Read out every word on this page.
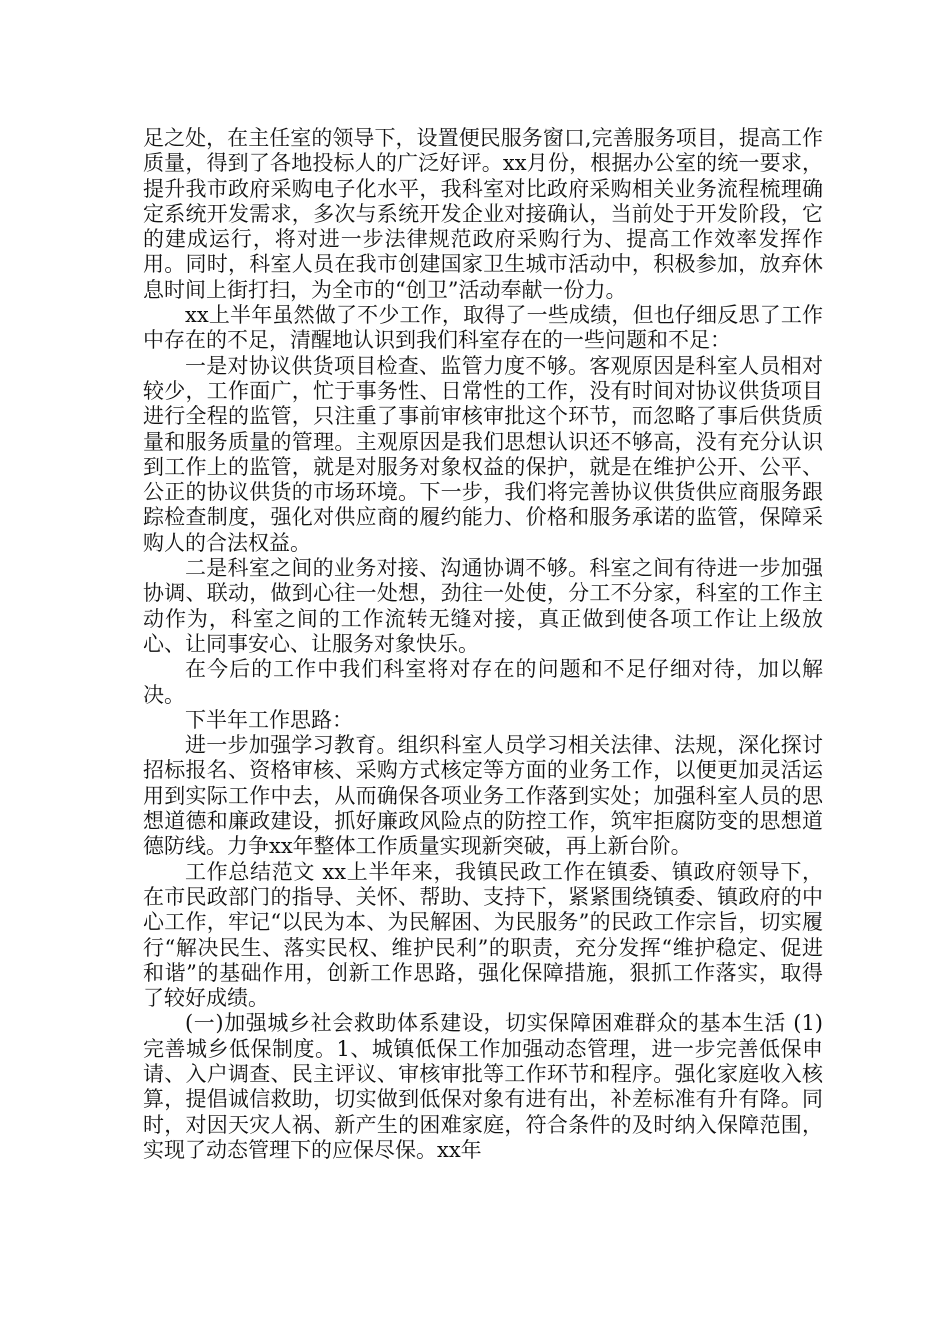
足之处，在主任室的领导下，设置便民服务窗口,完善服务项目，提高工作质量，得到了各地投标人的广泛好评。xx月份，根据办公室的统一要求，提升我市政府采购电子化水平，我科室对比政府采购相关业务流程梳理确定系统开发需求，多次与系统开发企业对接确认，当前处于开发阶段，它的建成运行，将对进一步法律规范政府采购行为、提高工作效率发挥作用。同时，科室人员在我市创建国家卫生城市活动中，积极参加，放弃休息时间上街打扫，为全市的“创卫”活动奉献一份力。

xx上半年虽然做了不少工作，取得了一些成绩，但也仔细反思了工作中存在的不足，清醒地认识到我们科室存在的一些问题和不足：

一是对协议供货项目检查、监管力度不够。客观原因是科室人员相对较少，工作面广，忙于事务性、日常性的工作，没有时间对协议供货项目进行全程的监管，只注重了事前审核审批这个环节，而忽略了事后供货质量和服务质量的管理。主观原因是我们思想认识还不够高，没有充分认识到工作上的监管，就是对服务对象权益的保护，就是在维护公开、公平、公正的协议供货的市场环境。下一步，我们将完善协议供货供应商服务跟踪检查制度，强化对供应商的履约能力、价格和服务承诺的监管，保障采购人的合法权益。

二是科室之间的业务对接、沟通协调不够。科室之间有待进一步加强协调、联动，做到心往一处想，劲往一处使，分工不分家，科室的工作主动作为，科室之间的工作流转无缝对接，真正做到使各项工作让上级放心、让同事安心、让服务对象快乐。

在今后的工作中我们科室将对存在的问题和不足仔细对待，加以解决。

下半年工作思路：

进一步加强学习教育。组织科室人员学习相关法律、法规，深化探讨招标报名、资格审核、采购方式核定等方面的业务工作，以便更加灵活运用到实际工作中去，从而确保各项业务工作落到实处；加强科室人员的思想道德和廉政建设，抓好廉政风险点的防控工作，筑牢拒腐防变的思想道德防线。力争xx年整体工作质量实现新突破，再上新台阶。

工作总结范文 xx上半年来，我镇民政工作在镇委、镇政府领导下，在市民政部门的指导、关怀、帮助、支持下，紧紧围绕镇委、镇政府的中心工作，牢记“以民为本、为民解困、为民服务”的民政工作宗旨，切实履行“解决民生、落实民权、维护民利”的职责，充分发挥“维护稳定、促进和谐”的基础作用，创新工作思路，强化保障措施，狠抓工作落实，取得了较好成绩。

(一)加强城乡社会救助体系建设，切实保障困难群众的基本生活 (1)完善城乡低保制度。1、城镇低保工作加强动态管理，进一步完善低保申请、入户调查、民主评议、审核审批等工作环节和程序。强化家庭收入核算，提倡诚信救助，切实做到低保对象有进有出，补差标准有升有降。同时，对因天灾人祸、新产生的困难家庭，符合条件的及时纳入保障范围，实现了动态管理下的应保尽保。xx年
